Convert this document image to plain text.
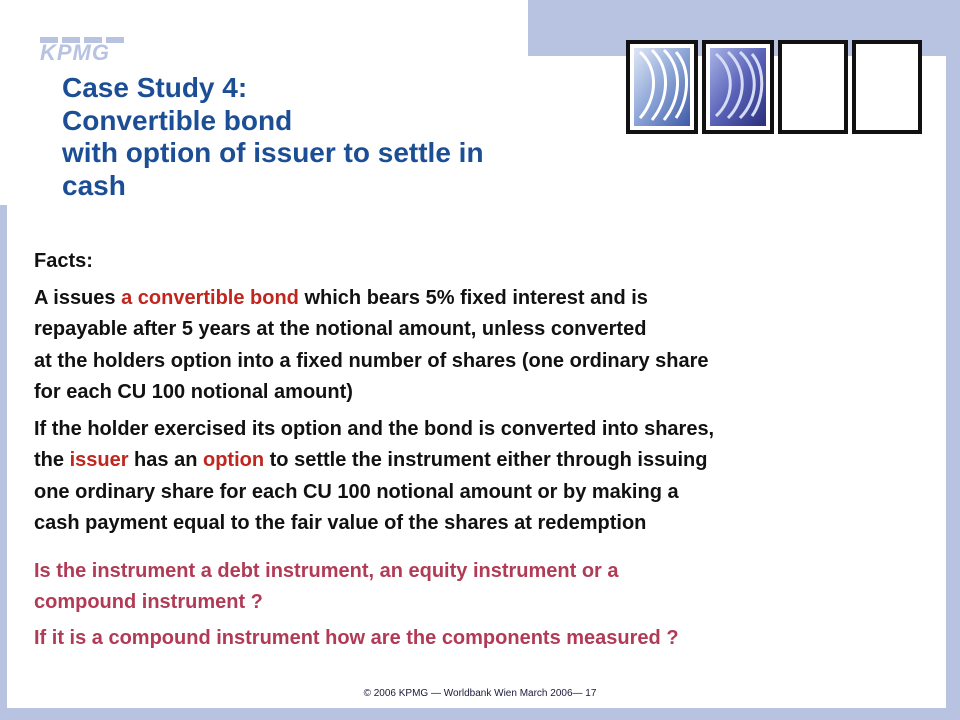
KPMG
Case Study 4:
Convertible bond
with option of issuer to settle in
cash

Facts:

A issues a convertible bond which bears 5% fixed interest and is
repayable after 5 years at the notional amount, unless converted
at the holders option into a fixed number of shares (one ordinary share
for each CU 100 notional amount)

If the holder exercised its option and the bond is converted into shares,
the issuer has an option to settle the instrument either through issuing
one ordinary share for each CU 100 notional amount or by making a
cash payment equal to the fair value of the shares at redemption

Is the instrument a debt instrument, an equity instrument or a
compound instrument ?

If it is a compound instrument how are the components measured ?

© 2006 KPMG — Worldbank Wien March 2006— 17
